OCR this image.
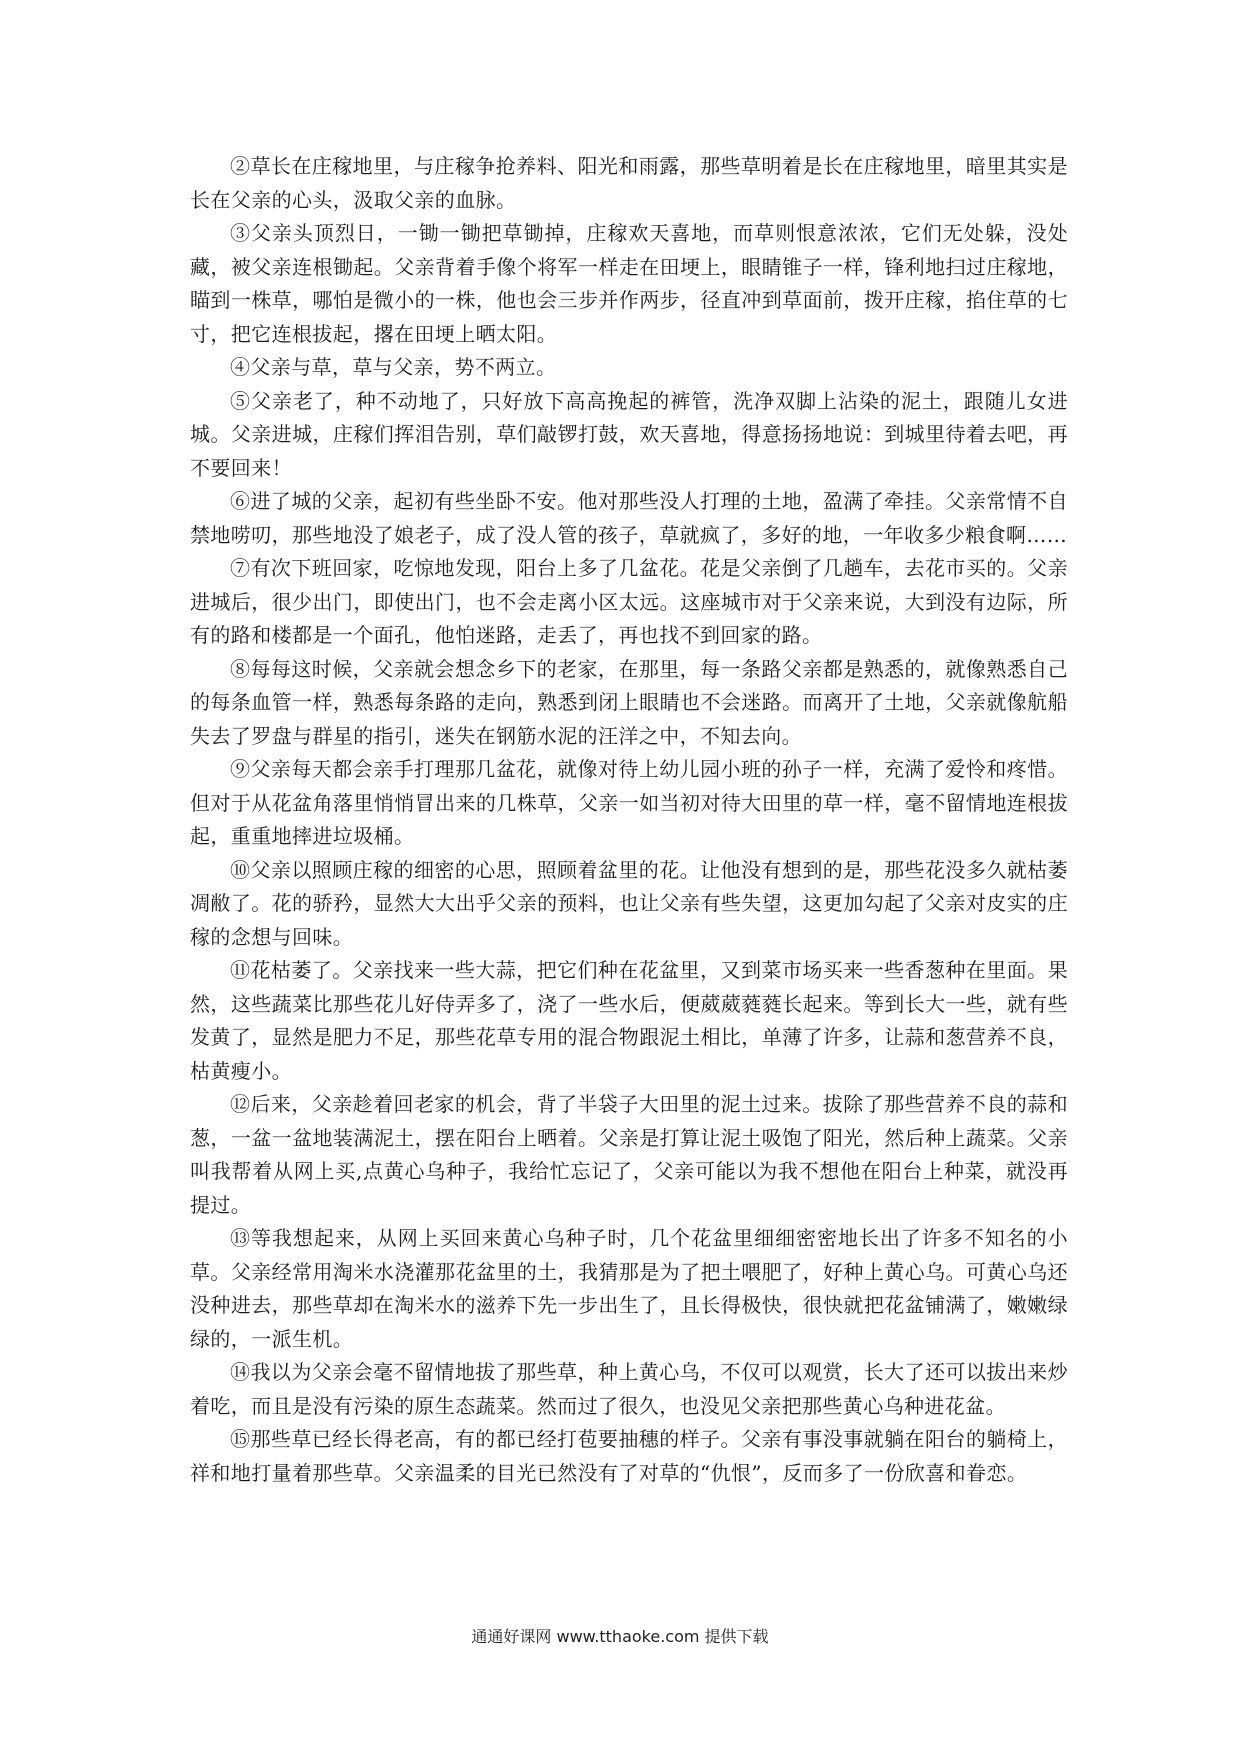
②草长在庄稼地里，与庄稼争抢养料、阳光和雨露，那些草明着是长在庄稼地里，暗里其实是长在父亲的心头，汲取父亲的血脉。

③父亲头顶烈日，一锄一锄把草锄掉，庄稼欢天喜地，而草则恨意浓浓，它们无处躲，没处藏，被父亲连根锄起。父亲背着手像个将军一样走在田埂上，眼睛锥子一样，锋利地扫过庄稼地，瞄到一株草，哪怕是微小的一株，他也会三步并作两步，径直冲到草面前，拨开庄稼，掐住草的七寸，把它连根拔起，撂在田埂上晒太阳。

④父亲与草，草与父亲，势不两立。

⑤父亲老了，种不动地了，只好放下高高挽起的裤管，洗净双脚上沾染的泥土，跟随儿女进城。父亲进城，庄稼们挥泪告别，草们敲锣打鼓，欢天喜地，得意扬扬地说：到城里待着去吧，再不要回来！

⑥进了城的父亲，起初有些坐卧不安。他对那些没人打理的土地，盈满了牵挂。父亲常情不自禁地唠叨，那些地没了娘老子，成了没人管的孩子，草就疯了，多好的地，一年收多少粮食啊……

⑦有次下班回家，吃惊地发现，阳台上多了几盆花。花是父亲倒了几趟车，去花市买的。父亲进城后，很少出门，即使出门，也不会走离小区太远。这座城市对于父亲来说，大到没有边际，所有的路和楼都是一个面孔，他怕迷路，走丢了，再也找不到回家的路。

⑧每每这时候，父亲就会想念乡下的老家，在那里，每一条路父亲都是熟悉的，就像熟悉自己的每条血管一样，熟悉每条路的走向，熟悉到闭上眼睛也不会迷路。而离开了土地，父亲就像航船失去了罗盘与群星的指引，迷失在钢筋水泥的汪洋之中，不知去向。

⑨父亲每天都会亲手打理那几盆花，就像对待上幼儿园小班的孙子一样，充满了爱怜和疼惜。但对于从花盆角落里悄悄冒出来的几株草，父亲一如当初对待大田里的草一样，毫不留情地连根拔起，重重地摔进垃圾桶。

⑩父亲以照顾庄稼的细密的心思，照顾着盆里的花。让他没有想到的是，那些花没多久就枯萎凋敝了。花的骄矜，显然大大出乎父亲的预料，也让父亲有些失望，这更加勾起了父亲对皮实的庄稼的念想与回味。

⑪花枯萎了。父亲找来一些大蒜，把它们种在花盆里，又到菜市场买来一些香葱种在里面。果然，这些蔬菜比那些花儿好侍弄多了，浇了一些水后，便葳葳蕤蕤长起来。等到长大一些，就有些发黄了，显然是肥力不足，那些花草专用的混合物跟泥土相比，单薄了许多，让蒜和葱营养不良，枯黄瘦小。

⑫后来，父亲趁着回老家的机会，背了半袋子大田里的泥土过来。拔除了那些营养不良的蒜和葱，一盆一盆地装满泥土，摆在阳台上晒着。父亲是打算让泥土吸饱了阳光，然后种上蔬菜。父亲叫我帮着从网上买,点黄心乌种子，我给忙忘记了，父亲可能以为我不想他在阳台上种菜，就没再提过。

⑬等我想起来，从网上买回来黄心乌种子时，几个花盆里细细密密地长出了许多不知名的小草。父亲经常用淘米水浇灌那花盆里的土，我猜那是为了把土喂肥了，好种上黄心乌。可黄心乌还没种进去，那些草却在淘米水的滋养下先一步出生了，且长得极快，很快就把花盆铺满了，嫩嫩绿绿的，一派生机。

⑭我以为父亲会毫不留情地拔了那些草，种上黄心乌，不仅可以观赏，长大了还可以拔出来炒着吃，而且是没有污染的原生态蔬菜。然而过了很久，也没见父亲把那些黄心乌种进花盆。

⑮那些草已经长得老高，有的都已经打苞要抽穗的样子。父亲有事没事就躺在阳台的躺椅上，祥和地打量着那些草。父亲温柔的目光已然没有了对草的“仇恨”，反而多了一份欣喜和眷恋。

通通好课网 www.tthaoke.com 提供下载
